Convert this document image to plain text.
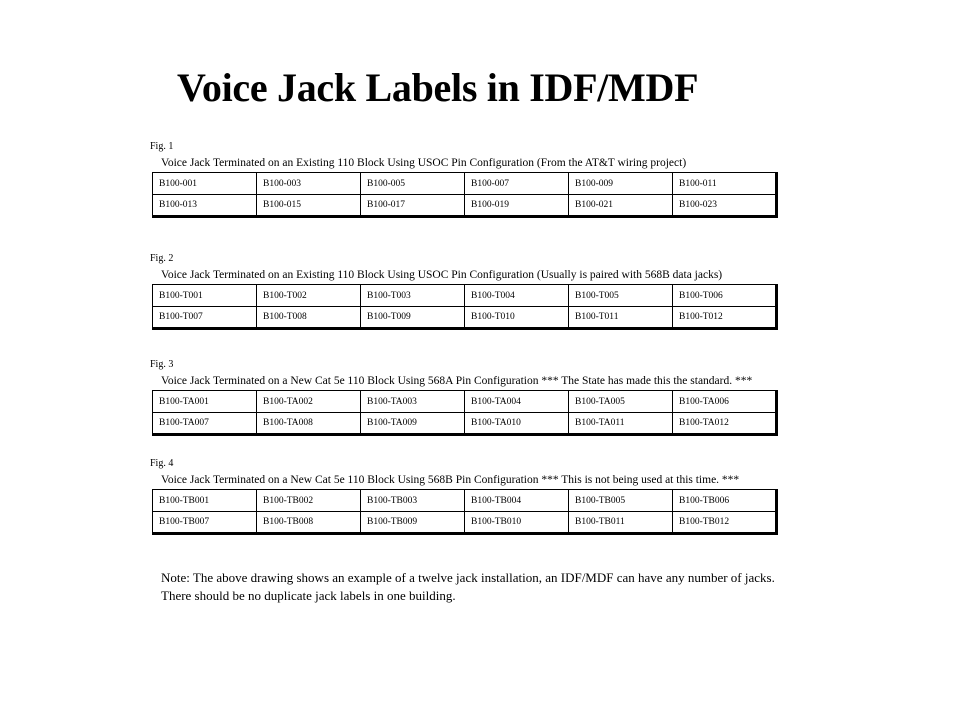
Voice Jack Labels in IDF/MDF
Fig. 1
Voice Jack Terminated on an Existing 110 Block Using USOC Pin Configuration (From the AT&T wiring project)
B100-001	B100-003	B100-005	B100-007	B100-009	B100-011
B100-013	B100-015	B100-017	B100-019	B100-021	B100-023
Fig. 2
Voice Jack Terminated on an Existing 110 Block Using USOC Pin Configuration (Usually is paired with 568B data jacks)
B100-T001	B100-T002	B100-T003	B100-T004	B100-T005	B100-T006
B100-T007	B100-T008	B100-T009	B100-T010	B100-T011	B100-T012
Fig. 3
Voice Jack Terminated on a New Cat 5e 110 Block Using 568A Pin Configuration *** The State has made this the standard. ***
B100-TA001	B100-TA002	B100-TA003	B100-TA004	B100-TA005	B100-TA006
B100-TA007	B100-TA008	B100-TA009	B100-TA010	B100-TA011	B100-TA012
Fig. 4
Voice Jack Terminated on a New Cat 5e 110 Block Using 568B Pin Configuration *** This is not being used at this time. ***
B100-TB001	B100-TB002	B100-TB003	B100-TB004	B100-TB005	B100-TB006
B100-TB007	B100-TB008	B100-TB009	B100-TB010	B100-TB011	B100-TB012
Note: The above drawing shows an example of a twelve jack installation, an IDF/MDF can have any number of jacks. There should be no duplicate jack labels in one building.
